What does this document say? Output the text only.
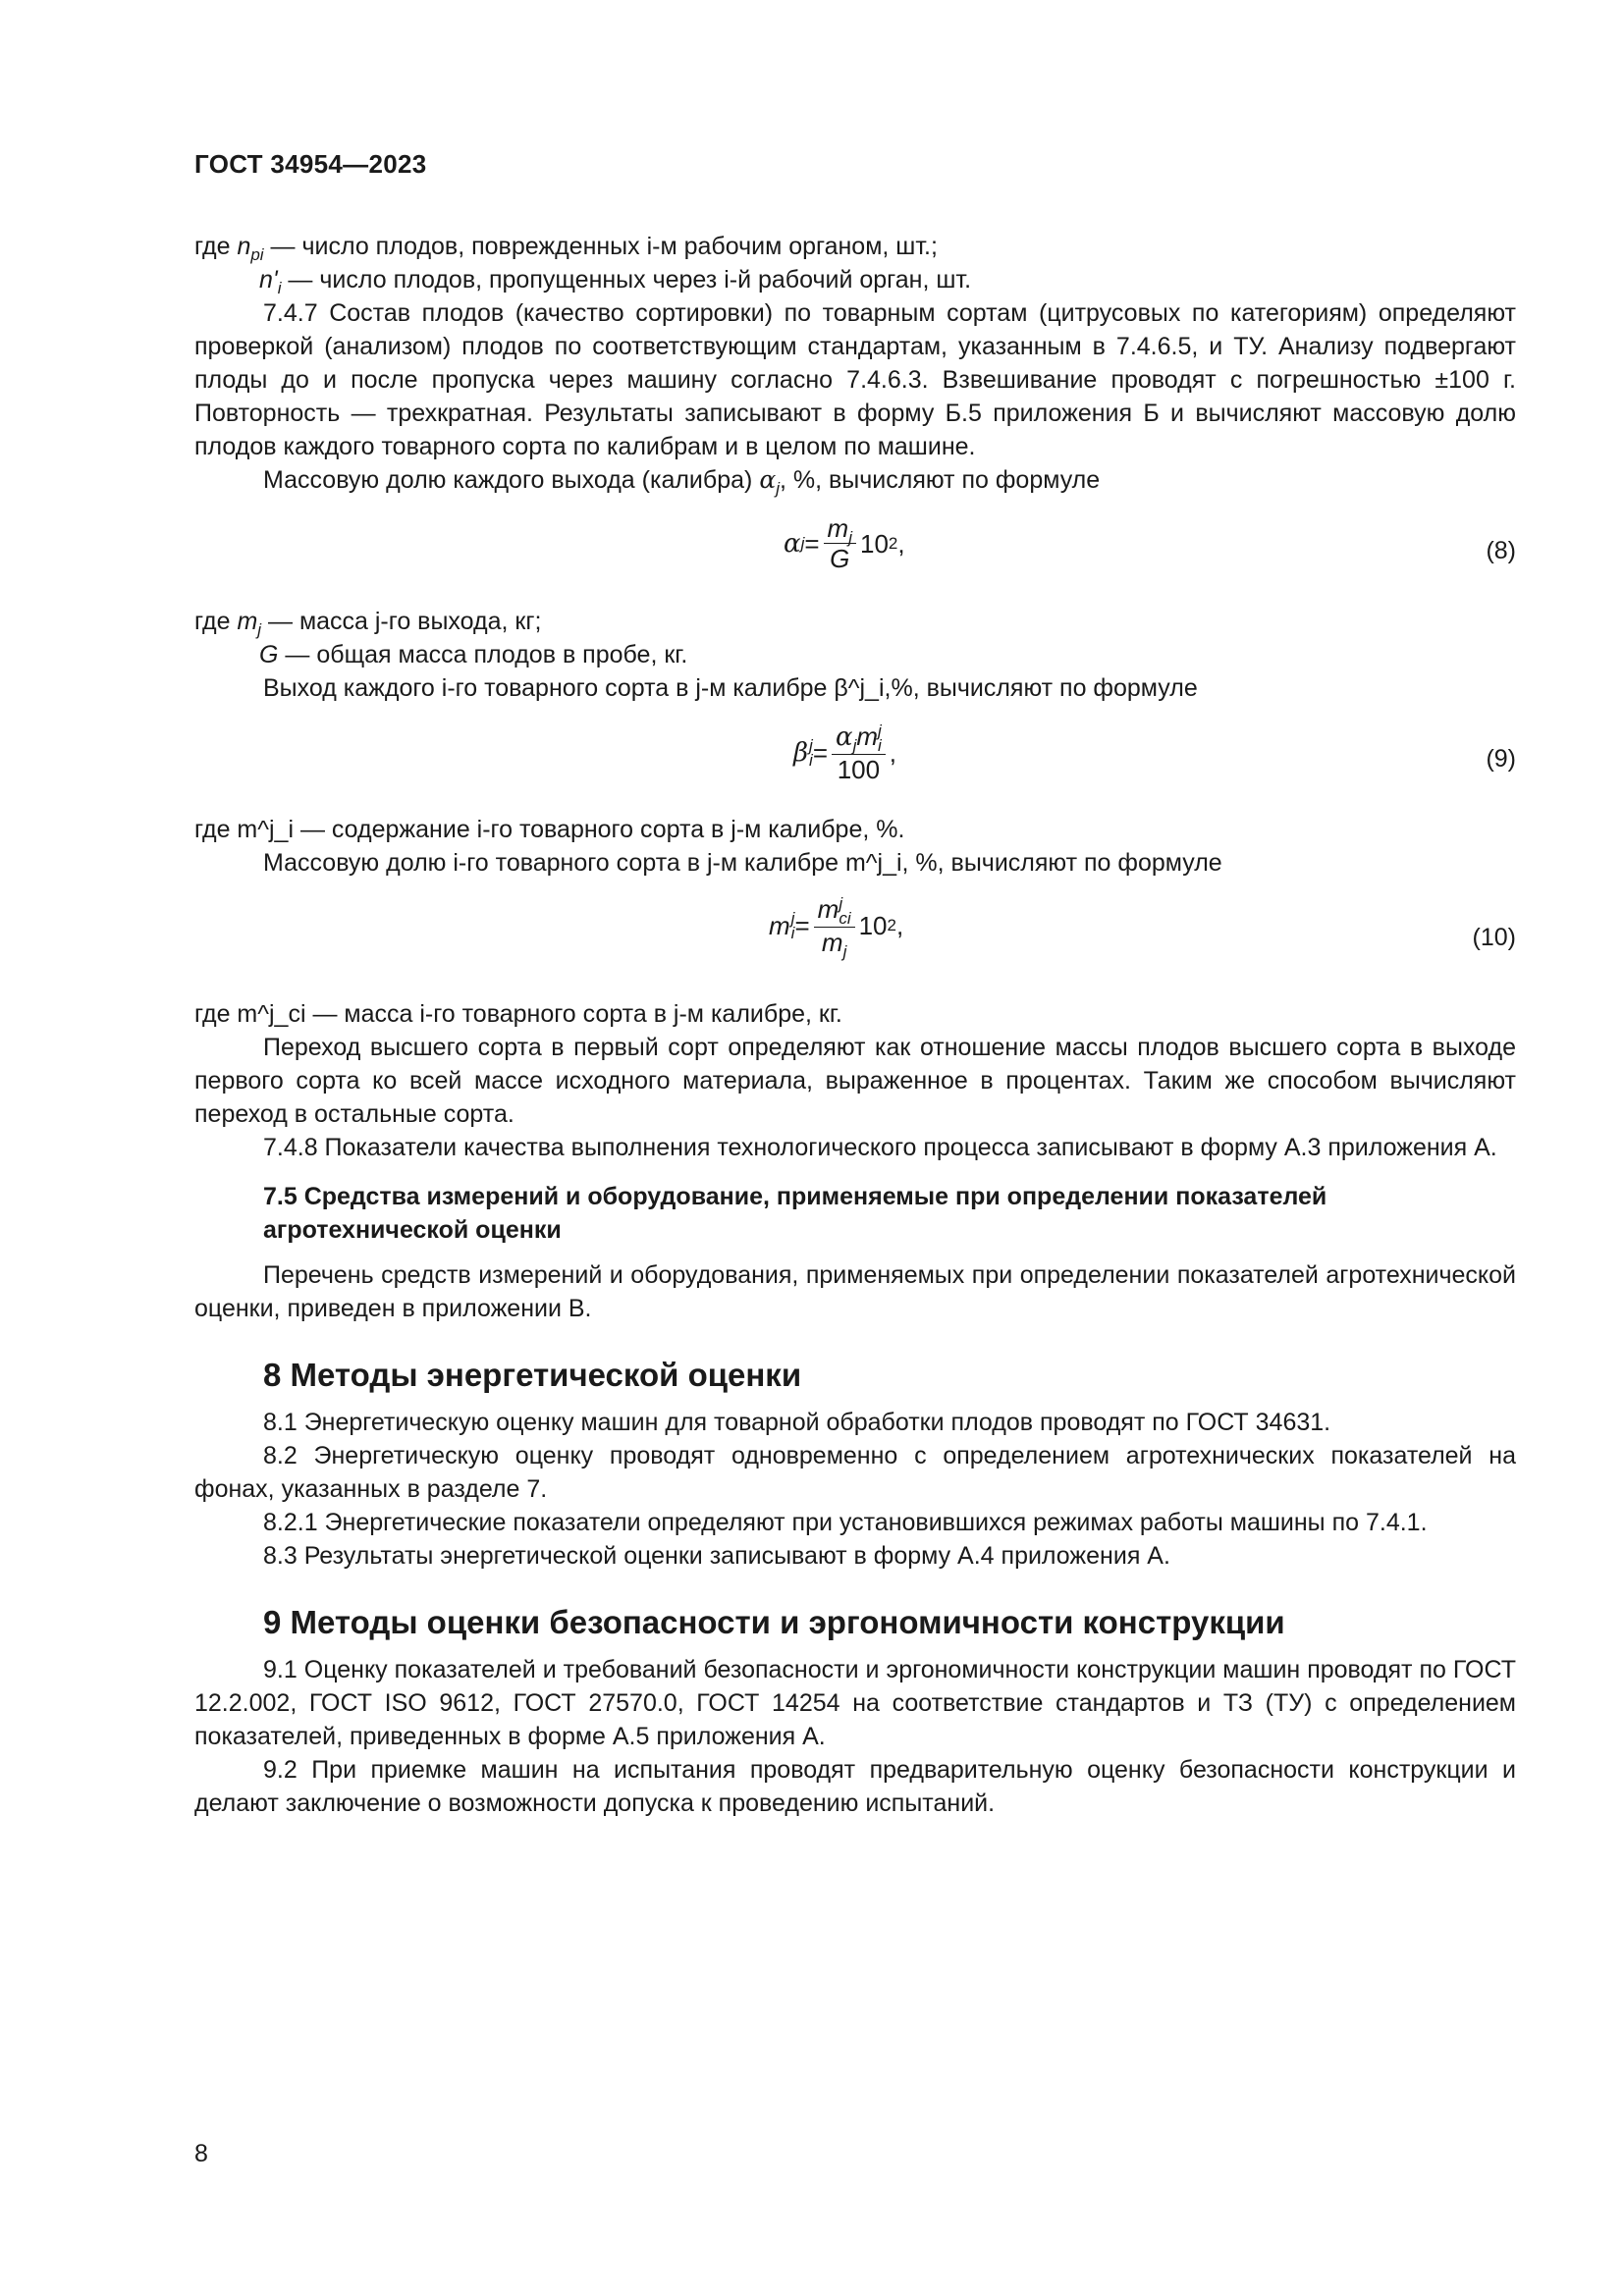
ГОСТ 34954—2023

где $n_{pi}$ — число плодов, поврежденных i-м рабочим органом, шт.;

$n'_i$ — число плодов, пропущенных через i-й рабочий орган, шт.

7.4.7 Состав плодов (качество сортировки) по товарным сортам (цитрусовых по категориям) определяют проверкой (анализом) плодов по соответствующим стандартам, указанным в 7.4.6.5, и ТУ. Анализу подвергают плоды до и после пропуска через машину согласно 7.4.6.3. Взвешивание проводят с погрешностью ±100 г. Повторность — трехкратная. Результаты записывают в форму Б.5 приложения Б и вычисляют массовую долю плодов каждого товарного сорта по калибрам и в целом по машине.

Массовую долю каждого выхода (калибра) $\alpha_j$, %, вычисляют по формуле

α $j = \frac{m_j}{G} 10$ 2 ,	(8)

где $m_j$ — масса j-го выхода, кг;

G — общая масса плодов в пробе, кг.

Выход каждого i-го товарного сорта в j-м калибре β^j_i,%, вычисляют по формуле

β j
$i = \alpha_jm$ j
i
100 ,	(9)

где m^j_i — содержание i-го товарного сорта в j-м калибре, %.

Массовую долю i-го товарного сорта в j-м калибре m^j_i, %, вычисляют по формуле

m j
i = m j
ci
$m_j$ 10 2 ,	(10)

где m^j_ci — масса i-го товарного сорта в j-м калибре, кг.

Переход высшего сорта в первый сорт определяют как отношение массы плодов высшего сорта в выходе первого сорта ко всей массе исходного материала, выраженное в процентах. Таким же способом вычисляют переход в остальные сорта.

7.4.8 Показатели качества выполнения технологического процесса записывают в форму А.3 приложения А.

7.5 Средства измерений и оборудование, применяемые при определении показателей
агротехнической оценки

Перечень средств измерений и оборудования, применяемых при определении показателей агротехнической оценки, приведен в приложении В.

8 Методы энергетической оценки

8.1 Энергетическую оценку машин для товарной обработки плодов проводят по ГОСТ 34631.

8.2 Энергетическую оценку проводят одновременно с определением агротехнических показателей на фонах, указанных в разделе 7.

8.2.1 Энергетические показатели определяют при установившихся режимах работы машины по 7.4.1.

8.3 Результаты энергетической оценки записывают в форму А.4 приложения А.

9 Методы оценки безопасности и эргономичности конструкции

9.1 Оценку показателей и требований безопасности и эргономичности конструкции машин проводят по ГОСТ 12.2.002, ГОСТ ISO 9612, ГОСТ 27570.0, ГОСТ 14254 на соответствие стандартов и ТЗ (ТУ) с определением показателей, приведенных в форме А.5 приложения А.

9.2 При приемке машин на испытания проводят предварительную оценку безопасности конструкции и делают заключение о возможности допуска к проведению испытаний.

8
